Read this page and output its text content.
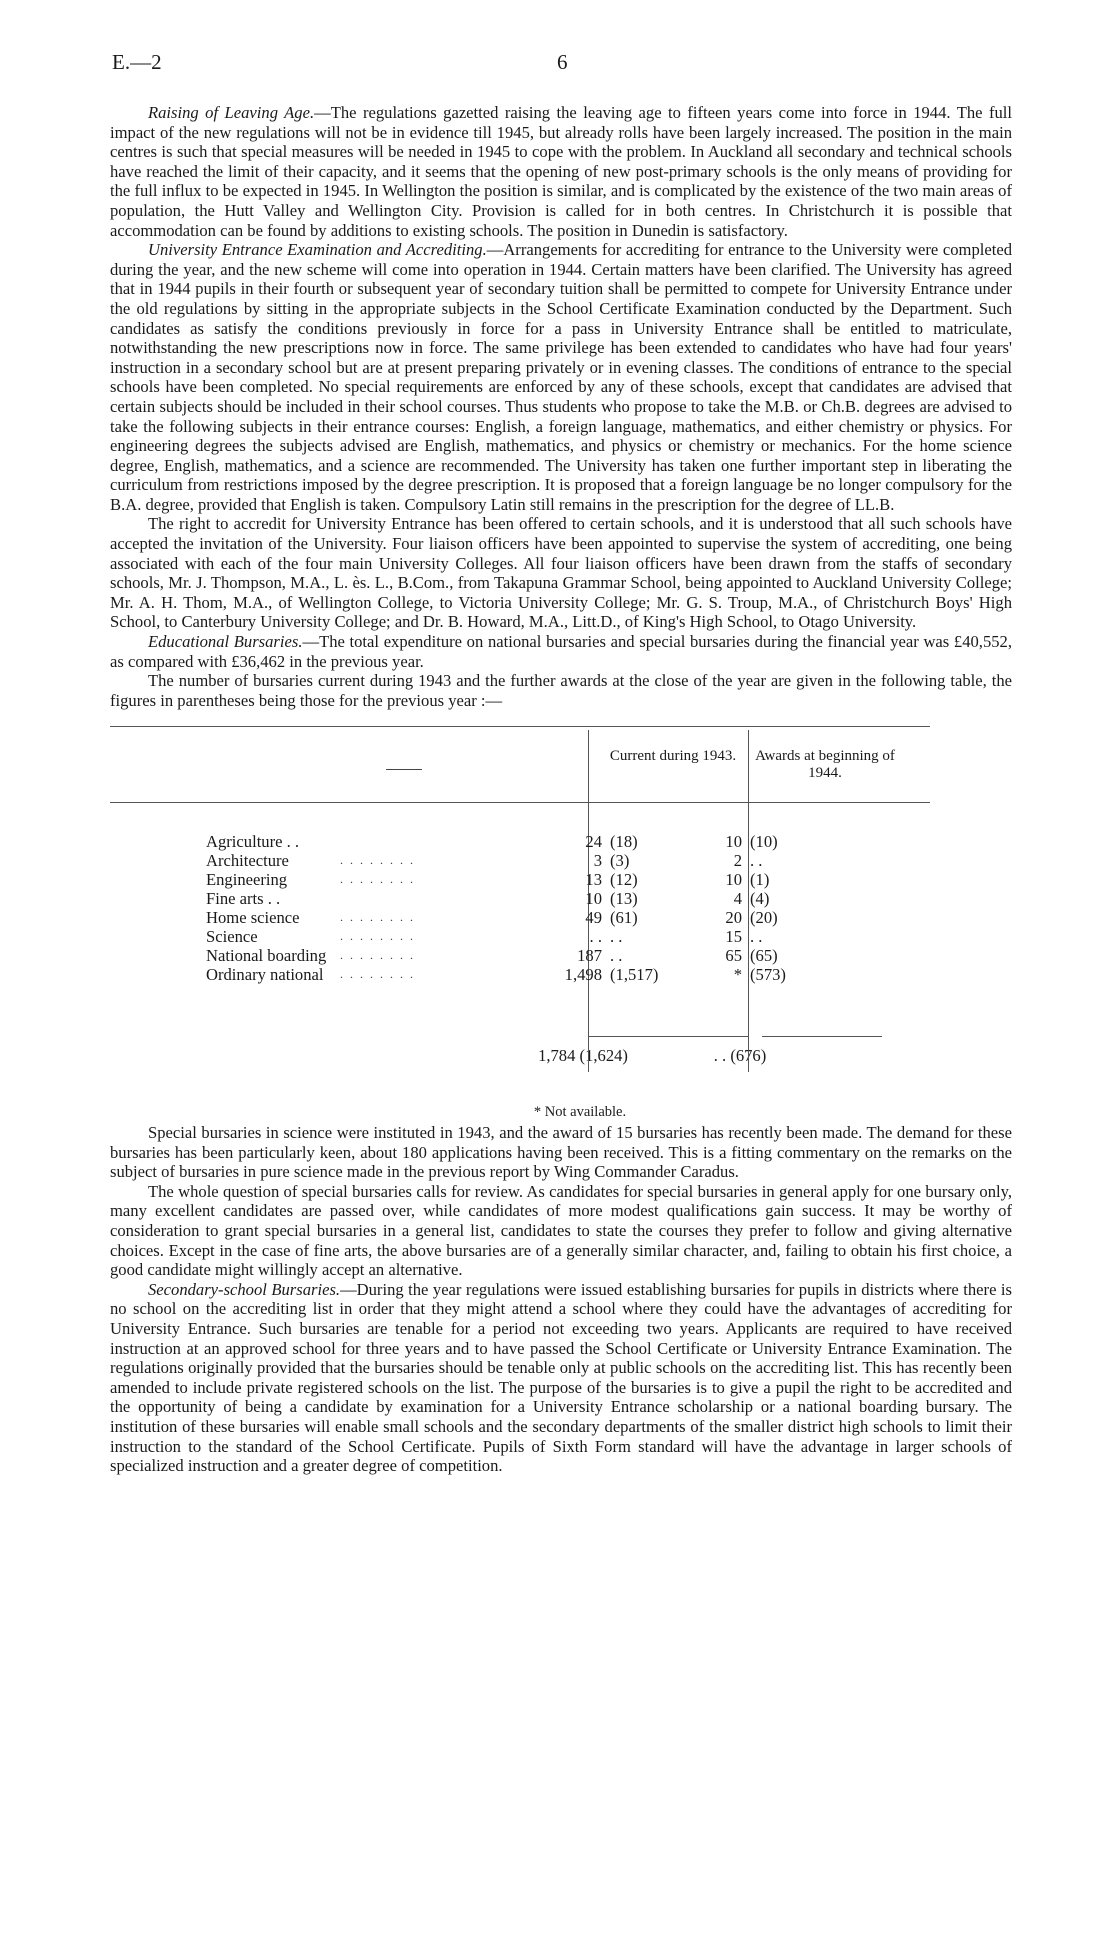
E.—2	6

Raising of Leaving Age.—The regulations gazetted raising the leaving age to fifteen years come into force in 1944. The full impact of the new regulations will not be in evidence till 1945, but already rolls have been largely increased. The position in the main centres is such that special measures will be needed in 1945 to cope with the problem. In Auckland all secondary and technical schools have reached the limit of their capacity, and it seems that the opening of new post-primary schools is the only means of providing for the full influx to be expected in 1945. In Wellington the position is similar, and is complicated by the existence of the two main areas of population, the Hutt Valley and Wellington City. Provision is called for in both centres. In Christchurch it is possible that accommodation can be found by additions to existing schools. The position in Dunedin is satisfactory.

University Entrance Examination and Accrediting.—Arrangements for accrediting for entrance to the University were completed during the year, and the new scheme will come into operation in 1944. Certain matters have been clarified. The University has agreed that in 1944 pupils in their fourth or subsequent year of secondary tuition shall be permitted to compete for University Entrance under the old regulations by sitting in the appropriate subjects in the School Certificate Examination conducted by the Department. Such candidates as satisfy the conditions previously in force for a pass in University Entrance shall be entitled to matriculate, notwithstanding the new prescriptions now in force. The same privilege has been extended to candidates who have had four years' instruction in a secondary school but are at present preparing privately or in evening classes. The conditions of entrance to the special schools have been completed. No special requirements are enforced by any of these schools, except that candidates are advised that certain subjects should be included in their school courses. Thus students who propose to take the M.B. or Ch.B. degrees are advised to take the following subjects in their entrance courses: English, a foreign language, mathematics, and either chemistry or physics. For engineering degrees the subjects advised are English, mathematics, and physics or chemistry or mechanics. For the home science degree, English, mathematics, and a science are recommended. The University has taken one further important step in liberating the curriculum from restrictions imposed by the degree prescription. It is proposed that a foreign language be no longer compulsory for the B.A. degree, provided that English is taken. Compulsory Latin still remains in the prescription for the degree of LL.B.

The right to accredit for University Entrance has been offered to certain schools, and it is understood that all such schools have accepted the invitation of the University. Four liaison officers have been appointed to supervise the system of accrediting, one being associated with each of the four main University Colleges. All four liaison officers have been drawn from the staffs of secondary schools, Mr. J. Thompson, M.A., L. ès. L., B.Com., from Takapuna Grammar School, being appointed to Auckland University College; Mr. A. H. Thom, M.A., of Wellington College, to Victoria University College; Mr. G. S. Troup, M.A., of Christchurch Boys' High School, to Canterbury University College; and Dr. B. Howard, M.A., Litt.D., of King's High School, to Otago University.

Educational Bursaries.—The total expenditure on national bursaries and special bursaries during the financial year was £40,552, as compared with £36,462 in the previous year.

The number of bursaries current during 1943 and the further awards at the close of the year are given in the following table, the figures in parentheses being those for the previous year :—

Current during 1943.	Awards at beginning of 1944.
Agriculture . .	24 (18)	10 (10)
Architecture	. . . . . . . .	3 (3)	2 . .
Engineering	. . . . . . . .	13 (12)	10 (1)
Fine arts . .	10 (13)	4 (4)
Home science	. . . . . . . .	49 (61)	20 (20)
Science	. . . . . . . .	. . . .	15 . .
National boarding . . . . . . . .	187 . .	65 (65)
Ordinary national . . . . . . . .	1,498 (1,517)	* (573)
1,784 (1,624)	. . (676)

* Not available.

Special bursaries in science were instituted in 1943, and the award of 15 bursaries has recently been made. The demand for these bursaries has been particularly keen, about 180 applications having been received. This is a fitting commentary on the remarks on the subject of bursaries in pure science made in the previous report by Wing Commander Caradus.

The whole question of special bursaries calls for review. As candidates for special bursaries in general apply for one bursary only, many excellent candidates are passed over, while candidates of more modest qualifications gain success. It may be worthy of consideration to grant special bursaries in a general list, candidates to state the courses they prefer to follow and giving alternative choices. Except in the case of fine arts, the above bursaries are of a generally similar character, and, failing to obtain his first choice, a good candidate might willingly accept an alternative.

Secondary-school Bursaries.—During the year regulations were issued establishing bursaries for pupils in districts where there is no school on the accrediting list in order that they might attend a school where they could have the advantages of accrediting for University Entrance. Such bursaries are tenable for a period not exceeding two years. Applicants are required to have received instruction at an approved school for three years and to have passed the School Certificate or University Entrance Examination. The regulations originally provided that the bursaries should be tenable only at public schools on the accrediting list. This has recently been amended to include private registered schools on the list. The purpose of the bursaries is to give a pupil the right to be accredited and the opportunity of being a candidate by examination for a University Entrance scholarship or a national boarding bursary. The institution of these bursaries will enable small schools and the secondary departments of the smaller district high schools to limit their instruction to the standard of the School Certificate. Pupils of Sixth Form standard will have the advantage in larger schools of specialized instruction and a greater degree of competition.
